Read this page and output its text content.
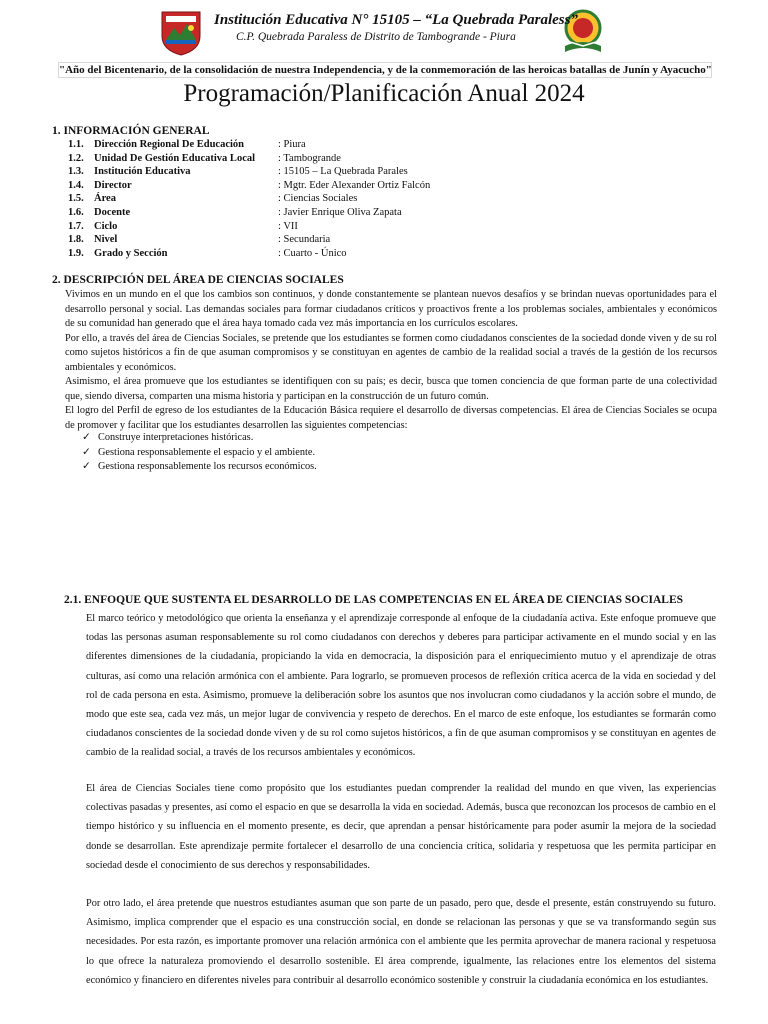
Institución Educativa N° 15105 – “La Quebrada Paraless”
C.P. Quebrada Paraless de Distrito de Tambogrande - Piura
"Año del Bicentenario, de la consolidación de nuestra Independencia, y de la conmemoración de las heroicas batallas de Junín y Ayacucho"
Programación/Planificación Anual 2024
1. INFORMACIÓN GENERAL
1.1. Dirección Regional De Educación	: Piura
1.2. Unidad De Gestión Educativa Local : Tambogrande
1.3. Institución Educativa	: 15105 – La Quebrada Parales
1.4. Director	: Mgtr. Eder Alexander Ortiz Falcón
1.5. Área	: Ciencias Sociales
1.6. Docente	: Javier Enrique Oliva Zapata
1.7. Ciclo	: VII
1.8. Nivel	: Secundaria
1.9. Grado y Sección	: Cuarto - Único
2. DESCRIPCIÓN DEL ÁREA DE CIENCIAS SOCIALES

Vivimos en un mundo en el que los cambios son continuos, y donde constantemente se plantean nuevos desafíos y se brindan nuevas oportunidades para el desarrollo personal y social. Las demandas sociales para formar ciudadanos críticos y proactivos frente a los problemas sociales, ambientales y económicos de su comunidad han generado que el área haya tomado cada vez más importancia en los currículos escolares.

Por ello, a través del área de Ciencias Sociales, se pretende que los estudiantes se formen como ciudadanos conscientes de la sociedad donde viven y de su rol como sujetos históricos a fin de que asuman compromisos y se constituyan en agentes de cambio de la realidad social a través de la gestión de los recursos ambientales y económicos.

Asimismo, el área promueve que los estudiantes se identifiquen con su país; es decir, busca que tomen conciencia de que forman parte de una colectividad que, siendo diversa, comparten una misma historia y participan en la construcción de un futuro común.

El logro del Perfil de egreso de los estudiantes de la Educación Básica requiere el desarrollo de diversas competencias. El área de Ciencias Sociales se ocupa de promover y facilitar que los estudiantes desarrollen las siguientes competencias:

✓ Construye interpretaciones históricas.
✓ Gestiona responsablemente el espacio y el ambiente.
✓ Gestiona responsablemente los recursos económicos.
2.1. ENFOQUE QUE SUSTENTA EL DESARROLLO DE LAS COMPETENCIAS EN EL ÁREA DE CIENCIAS SOCIALES

El marco teórico y metodológico que orienta la enseñanza y el aprendizaje corresponde al enfoque de la ciudadanía activa. Este enfoque promueve que todas las personas asuman responsablemente su rol como ciudadanos con derechos y deberes para participar activamente en el mundo social y en las diferentes dimensiones de la ciudadanía, propiciando la vida en democracia, la disposición para el enriquecimiento mutuo y el aprendizaje de otras culturas, así como una relación armónica con el ambiente. Para lograrlo, se promueven procesos de reflexión crítica acerca de la vida en sociedad y del rol de cada persona en esta. Asimismo, promueve la deliberación sobre los asuntos que nos involucran como ciudadanos y la acción sobre el mundo, de modo que este sea, cada vez más, un mejor lugar de convivencia y respeto de derechos. En el marco de este enfoque, los estudiantes se formarán como ciudadanos conscientes de la sociedad donde viven y de su rol como sujetos históricos, a fin de que asuman compromisos y se constituyan en agentes de cambio de la realidad social, a través de los recursos ambientales y económicos.

El área de Ciencias Sociales tiene como propósito que los estudiantes puedan comprender la realidad del mundo en que viven, las experiencias colectivas pasadas y presentes, así como el espacio en que se desarrolla la vida en sociedad. Además, busca que reconozcan los procesos de cambio en el tiempo histórico y su influencia en el momento presente, es decir, que aprendan a pensar históricamente para poder asumir la mejora de la sociedad donde se desarrollan. Este aprendizaje permite fortalecer el desarrollo de una conciencia crítica, solidaria y respetuosa que les permita participar en sociedad desde el conocimiento de sus derechos y responsabilidades.

Por otro lado, el área pretende que nuestros estudiantes asuman que son parte de un pasado, pero que, desde el presente, están construyendo su futuro. Asimismo, implica comprender que el espacio es una construcción social, en donde se relacionan las personas y que se va transformando según sus necesidades. Por esta razón, es importante promover una relación armónica con el ambiente que les permita aprovechar de manera racional y respetuosa lo que ofrece la naturaleza promoviendo el desarrollo sostenible. El área comprende, igualmente, las relaciones entre los elementos del sistema económico y financiero en diferentes niveles para contribuir al desarrollo económico sostenible y construir la ciudadanía económica en los estudiantes.
